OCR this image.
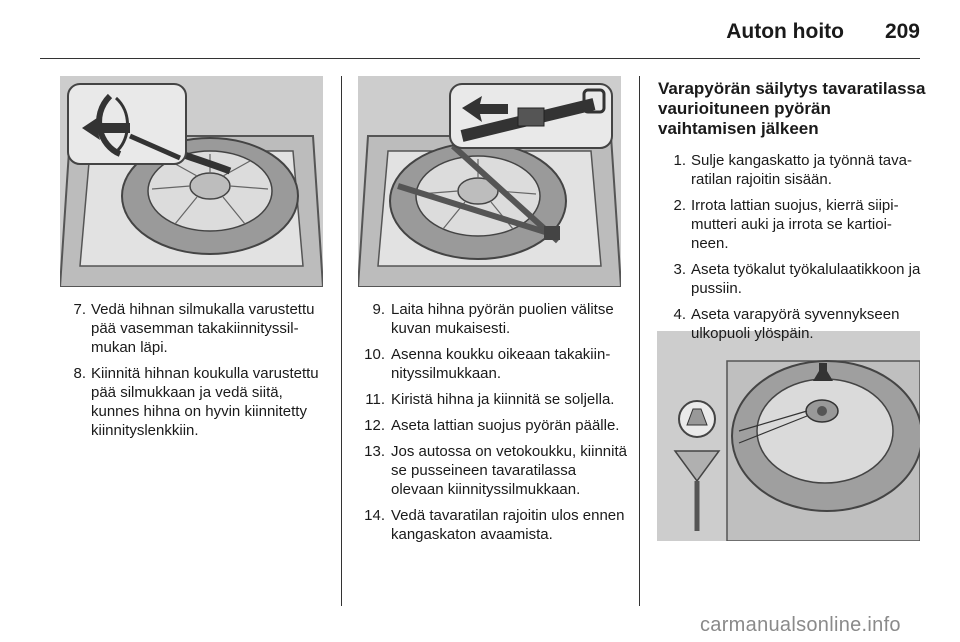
Auton hoito 209
7. Vedä hihnan silmukalla varustettu pää vasemman takakiinnityssilmukan läpi.
8. Kiinnitä hihnan koukulla varustettu pää silmukkaan ja vedä siitä, kunnes hihna on hyvin kiinnitetty kiinnityslenkkiin.
9. Laita hihna pyörän puolien välitse kuvan mukaisesti.
10. Asenna koukku oikeaan takakiinnityssilmukkaan.
11. Kiristä hihna ja kiinnitä se soljella.
12. Aseta lattian suojus pyörän päälle.
13. Jos autossa on vetokoukku, kiinnitä se pusseineen tavaratilassa olevaan kiinnityssilmukkaan.
14. Vedä tavaratilan rajoitin ulos ennen kangaskaton avaamista.
Varapyörän säilytys tavaratilassa vaurioituneen pyörän vaihtamisen jälkeen
1. Sulje kangaskatto ja työnnä tavaratilan rajoitin sisään.
2. Irrota lattian suojus, kierrä siipimutteri auki ja irrota se kartioineen.
3. Aseta työkalut työkalulaatikkoon ja pussiin.
4. Aseta varapyörä syvennykseen ulkopuoli ylöspäin.
carmanualsonline.info
